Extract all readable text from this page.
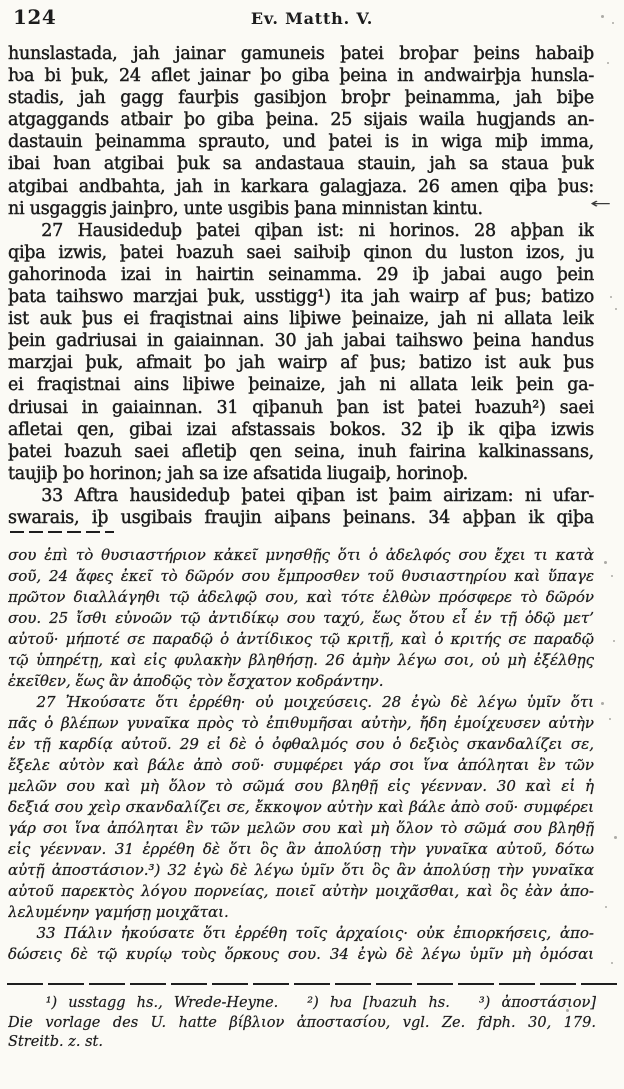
124	Ev. Matth. V.
hunslastada, jah jainar gamuneis þatei broþar þeins habaiþ
ƕa bi þuk, 24 aflet jainar þo giba þeina in andwairþja hunsla-
stadis, jah gagg faurþis gasibjon broþr þeinamma, jah biþe
atgaggands atbair þo giba þeina. 25 sijais waila hugjands an-
dastauin þeinamma sprauto, und þatei is in wiga miþ imma,
ibai ƕan atgibai þuk sa andastaua stauin, jah sa staua þuk
atgibai andbahta, jah in karkara galagjaza. 26 amen qiþa þus:
ni usgaggis jainþro, unte usgibis þana minnistan kintu.
27 Hausideduþ þatei qiþan ist: ni horinos. 28 aþþan ik
qiþa izwis, þatei ƕazuh saei saiƕiþ qinon du luston izos, ju
gahorinoda izai in hairtin seinamma. 29 iþ jabai augo þein
þata taihswo marzjai þuk, usstigg¹) ita jah wairp af þus; batizo
ist auk þus ei fraqistnai ains liþiwe þeinaize, jah ni allata leik
þein gadriusai in gaiainnan. 30 jah jabai taihswo þeina handus
marzjai þuk, afmait þo jah wairp af þus; batizo ist auk þus
ei fraqistnai ains liþiwe þeinaize, jah ni allata leik þein ga-
driusai in gaiainnan. 31 qiþanuh þan ist þatei ƕazuh²) saei
afletai qen, gibai izai afstassais bokos. 32 iþ ik qiþa izwis
þatei ƕazuh saei afletiþ qen seina, inuh fairina kalkinassans,
taujiþ þo horinon; jah sa ize afsatida liugaiþ, horinoþ.
33 Aftra hausideduþ þatei qiþan ist þaim airizam: ni ufar-
swarais, iþ usgibais fraujin aiþans þeinans. 34 aþþan ik qiþa
σου ἐπὶ τὸ θυσιαστήριον κἀκεῖ μνησθῇς ὅτι ὁ ἀδελφός σου ἔχει τι κατὰ
σοῦ, 24 ἄφες ἐκεῖ τὸ δῶρόν σου ἔμπροσθεν τοῦ θυσιαστηρίου καὶ ὕπαγε
πρῶτον διαλλάγηθι τῷ ἀδελφῷ σου, καὶ τότε ἐλθὼν πρόσφερε τὸ δῶρόν
σου. 25 ἴσθι εὐνοῶν τῷ ἀντιδίκῳ σου ταχύ, ἕως ὅτου εἶ ἐν τῇ ὁδῷ μετ’
αὐτοῦ· μήποτέ σε παραδῷ ὁ ἀντίδικος τῷ κριτῇ, καὶ ὁ κριτής σε παραδῷ
τῷ ὑπηρέτῃ, καὶ εἰς φυλακὴν βληθήσῃ. 26 ἀμὴν λέγω σοι, οὐ μὴ ἐξέλθῃς
ἐκεῖθεν, ἕως ἂν ἀποδῷς τὸν ἔσχατον κοδράντην.
27 Ἠκούσατε ὅτι ἐρρέθη· οὐ μοιχεύσεις. 28 ἐγὼ δὲ λέγω ὑμῖν ὅτι
πᾶς ὁ βλέπων γυναῖκα πρὸς τὸ ἐπιθυμῆσαι αὐτὴν, ἤδη ἐμοίχευσεν αὐτὴν
ἐν τῇ καρδίᾳ αὐτοῦ. 29 εἰ δὲ ὁ ὀφθαλμός σου ὁ δεξιὸς σκανδαλίζει σε,
ἔξελε αὐτὸν καὶ βάλε ἀπὸ σοῦ· συμφέρει γάρ σοι ἵνα ἀπόληται ἓν τῶν
μελῶν σου καὶ μὴ ὅλον τὸ σῶμά σου βληθῇ εἰς γέενναν. 30 καὶ εἰ ἡ
δεξιά σου χεὶρ σκανδαλίζει σε, ἔκκοψον αὐτὴν καὶ βάλε ἀπὸ σοῦ· συμφέρει
γάρ σοι ἵνα ἀπόληται ἓν τῶν μελῶν σου καὶ μὴ ὅλον τὸ σῶμά σου βληθῇ
εἰς γέενναν. 31 ἐρρέθη δὲ ὅτι ὃς ἂν ἀπολύσῃ τὴν γυναῖκα αὐτοῦ, δότω
αὐτῇ ἀποστάσιον.³) 32 ἐγὼ δὲ λέγω ὑμῖν ὅτι ὃς ἂν ἀπολύσῃ τὴν γυναῖκα
αὐτοῦ παρεκτὸς λόγου πορνείας, ποιεῖ αὐτὴν μοιχᾶσθαι, καὶ ὃς ἐὰν ἀπο-
λελυμένην γαμήσῃ μοιχᾶται.
33 Πάλιν ἠκούσατε ὅτι ἐρρέθη τοῖς ἀρχαίοις· οὐκ ἐπιορκήσεις, ἀπο-
δώσεις δὲ τῷ κυρίῳ τοὺς ὅρκους σου. 34 ἐγὼ δὲ λέγω ὑμῖν μὴ ὀμόσαι
¹) usstagg hs., Wrede-Heyne.  ²) ƕa [ƕazuh hs.  ³) ἀποστάσιον]
Die vorlage des U. hatte βίβλιον ἀποστασίου, vgl. Ze. fdph. 30, 179.
Streitb. z. st.
←
